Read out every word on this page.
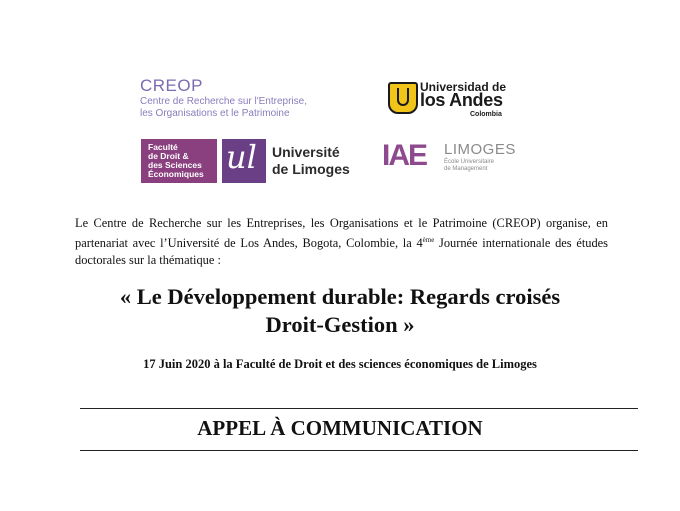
CREOP
Centre de Recherche sur l'Entreprise,
les Organisations et le Patrimoine
Universidad de
los Andes
Colombia
Faculté
de Droit &
des Sciences
Économiques ul Université
de Limoges IAE LIMOGES
École Universitaire
de Management

Le Centre de Recherche sur les Entreprises, les Organisations et le Patrimoine (CREOP) organise, en partenariat avec l’Université de Los Andes, Bogota, Colombie, la 4ème Journée internationale des études doctorales sur la thématique :

« Le Développement durable: Regards croisés
Droit-Gestion »
17 Juin 2020 à la Faculté de Droit et des sciences économiques de Limoges
APPEL À COMMUNICATION
